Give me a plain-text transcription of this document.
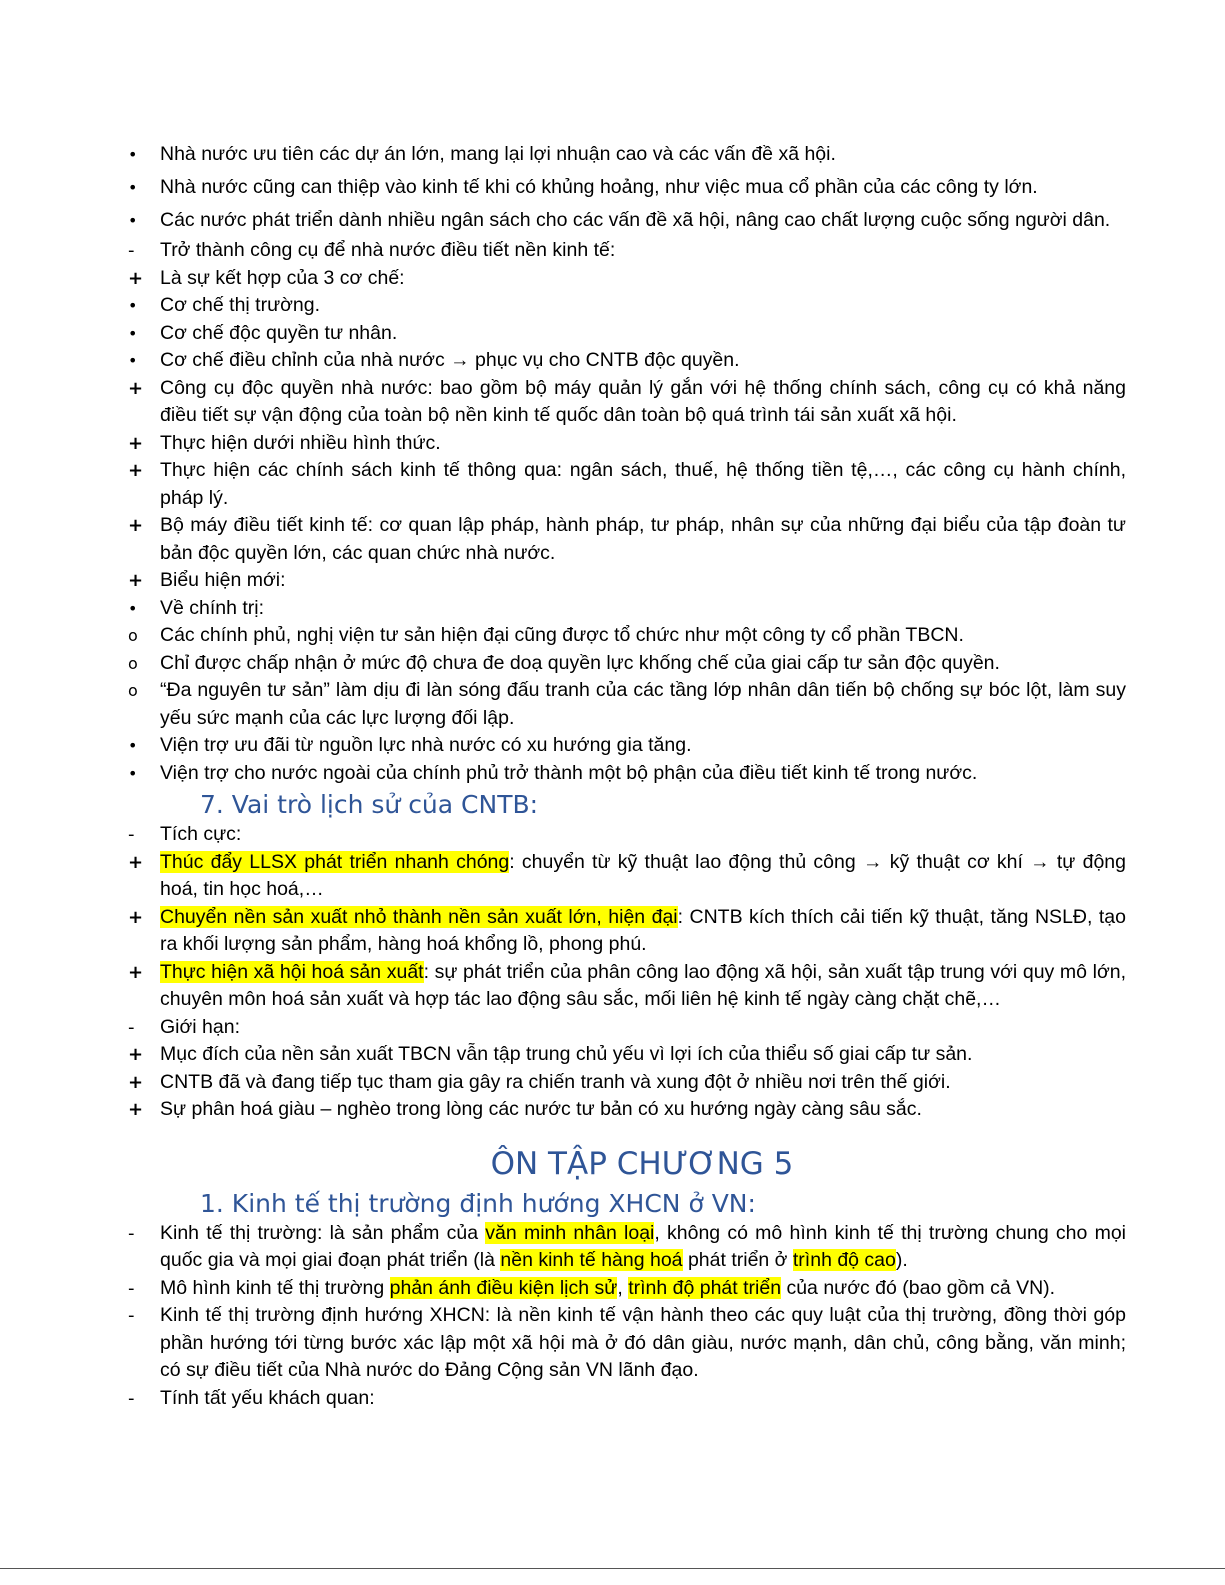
•	Nhà nước ưu tiên các dự án lớn, mang lại lợi nhuận cao và các vấn đề xã hội.
•	Nhà nước cũng can thiệp vào kinh tế khi có khủng hoảng, như việc mua cổ phần của các công ty lớn.
•	Các nước phát triển dành nhiều ngân sách cho các vấn đề xã hội, nâng cao chất lượng cuộc sống người dân.
-	Trở thành công cụ để nhà nước điều tiết nền kinh tế:
+ Là sự kết hợp của 3 cơ chế:
•	Cơ chế thị trường.
•	Cơ chế độc quyền tư nhân.
•	Cơ chế điều chỉnh của nhà nước → phục vụ cho CNTB độc quyền.
+ Công cụ độc quyền nhà nước: bao gồm bộ máy quản lý gắn với hệ thống chính sách, công cụ có khả năng điều tiết sự vận động của toàn bộ nền kinh tế quốc dân toàn bộ quá trình tái sản xuất xã hội.
+ Thực hiện dưới nhiều hình thức.
+ Thực hiện các chính sách kinh tế thông qua: ngân sách, thuế, hệ thống tiền tệ,…, các công cụ hành chính, pháp lý.
+ Bộ máy điều tiết kinh tế: cơ quan lập pháp, hành pháp, tư pháp, nhân sự của những đại biểu của tập đoàn tư bản độc quyền lớn, các quan chức nhà nước.
+ Biểu hiện mới:
•	Về chính trị:
o	Các chính phủ, nghị viện tư sản hiện đại cũng được tổ chức như một công ty cổ phần TBCN.
o	Chỉ được chấp nhận ở mức độ chưa đe doạ quyền lực khống chế của giai cấp tư sản độc quyền.
o	“Đa nguyên tư sản” làm dịu đi làn sóng đấu tranh của các tầng lớp nhân dân tiến bộ chống sự bóc lột, làm suy yếu sức mạnh của các lực lượng đối lập.
•	Viện trợ ưu đãi từ nguồn lực nhà nước có xu hướng gia tăng.
•	Viện trợ cho nước ngoài của chính phủ trở thành một bộ phận của điều tiết kinh tế trong nước.
7. Vai trò lịch sử của CNTB:
-	Tích cực:
+ Thúc đẩy LLSX phát triển nhanh chóng: chuyển từ kỹ thuật lao động thủ công → kỹ thuật cơ khí → tự động hoá, tin học hoá,…
+ Chuyển nền sản xuất nhỏ thành nền sản xuất lớn, hiện đại: CNTB kích thích cải tiến kỹ thuật, tăng NSLĐ, tạo ra khối lượng sản phẩm, hàng hoá khổng lồ, phong phú.
+ Thực hiện xã hội hoá sản xuất: sự phát triển của phân công lao động xã hội, sản xuất tập trung với quy mô lớn, chuyên môn hoá sản xuất và hợp tác lao động sâu sắc, mối liên hệ kinh tế ngày càng chặt chẽ,…
-	Giới hạn:
+ Mục đích của nền sản xuất TBCN vẫn tập trung chủ yếu vì lợi ích của thiểu số giai cấp tư sản.
+ CNTB đã và đang tiếp tục tham gia gây ra chiến tranh và xung đột ở nhiều nơi trên thế giới.
+ Sự phân hoá giàu – nghèo trong lòng các nước tư bản có xu hướng ngày càng sâu sắc.
ÔN TẬP CHƯƠNG 5
1. Kinh tế thị trường định hướng XHCN ở VN:
-	Kinh tế thị trường: là sản phẩm của văn minh nhân loại, không có mô hình kinh tế thị trường chung cho mọi quốc gia và mọi giai đoạn phát triển (là nền kinh tế hàng hoá phát triển ở trình độ cao).
-	Mô hình kinh tế thị trường phản ánh điều kiện lịch sử, trình độ phát triển của nước đó (bao gồm cả VN).
-	Kinh tế thị trường định hướng XHCN: là nền kinh tế vận hành theo các quy luật của thị trường, đồng thời góp phần hướng tới từng bước xác lập một xã hội mà ở đó dân giàu, nước mạnh, dân chủ, công bằng, văn minh; có sự điều tiết của Nhà nước do Đảng Cộng sản VN lãnh đạo.
-	Tính tất yếu khách quan:
